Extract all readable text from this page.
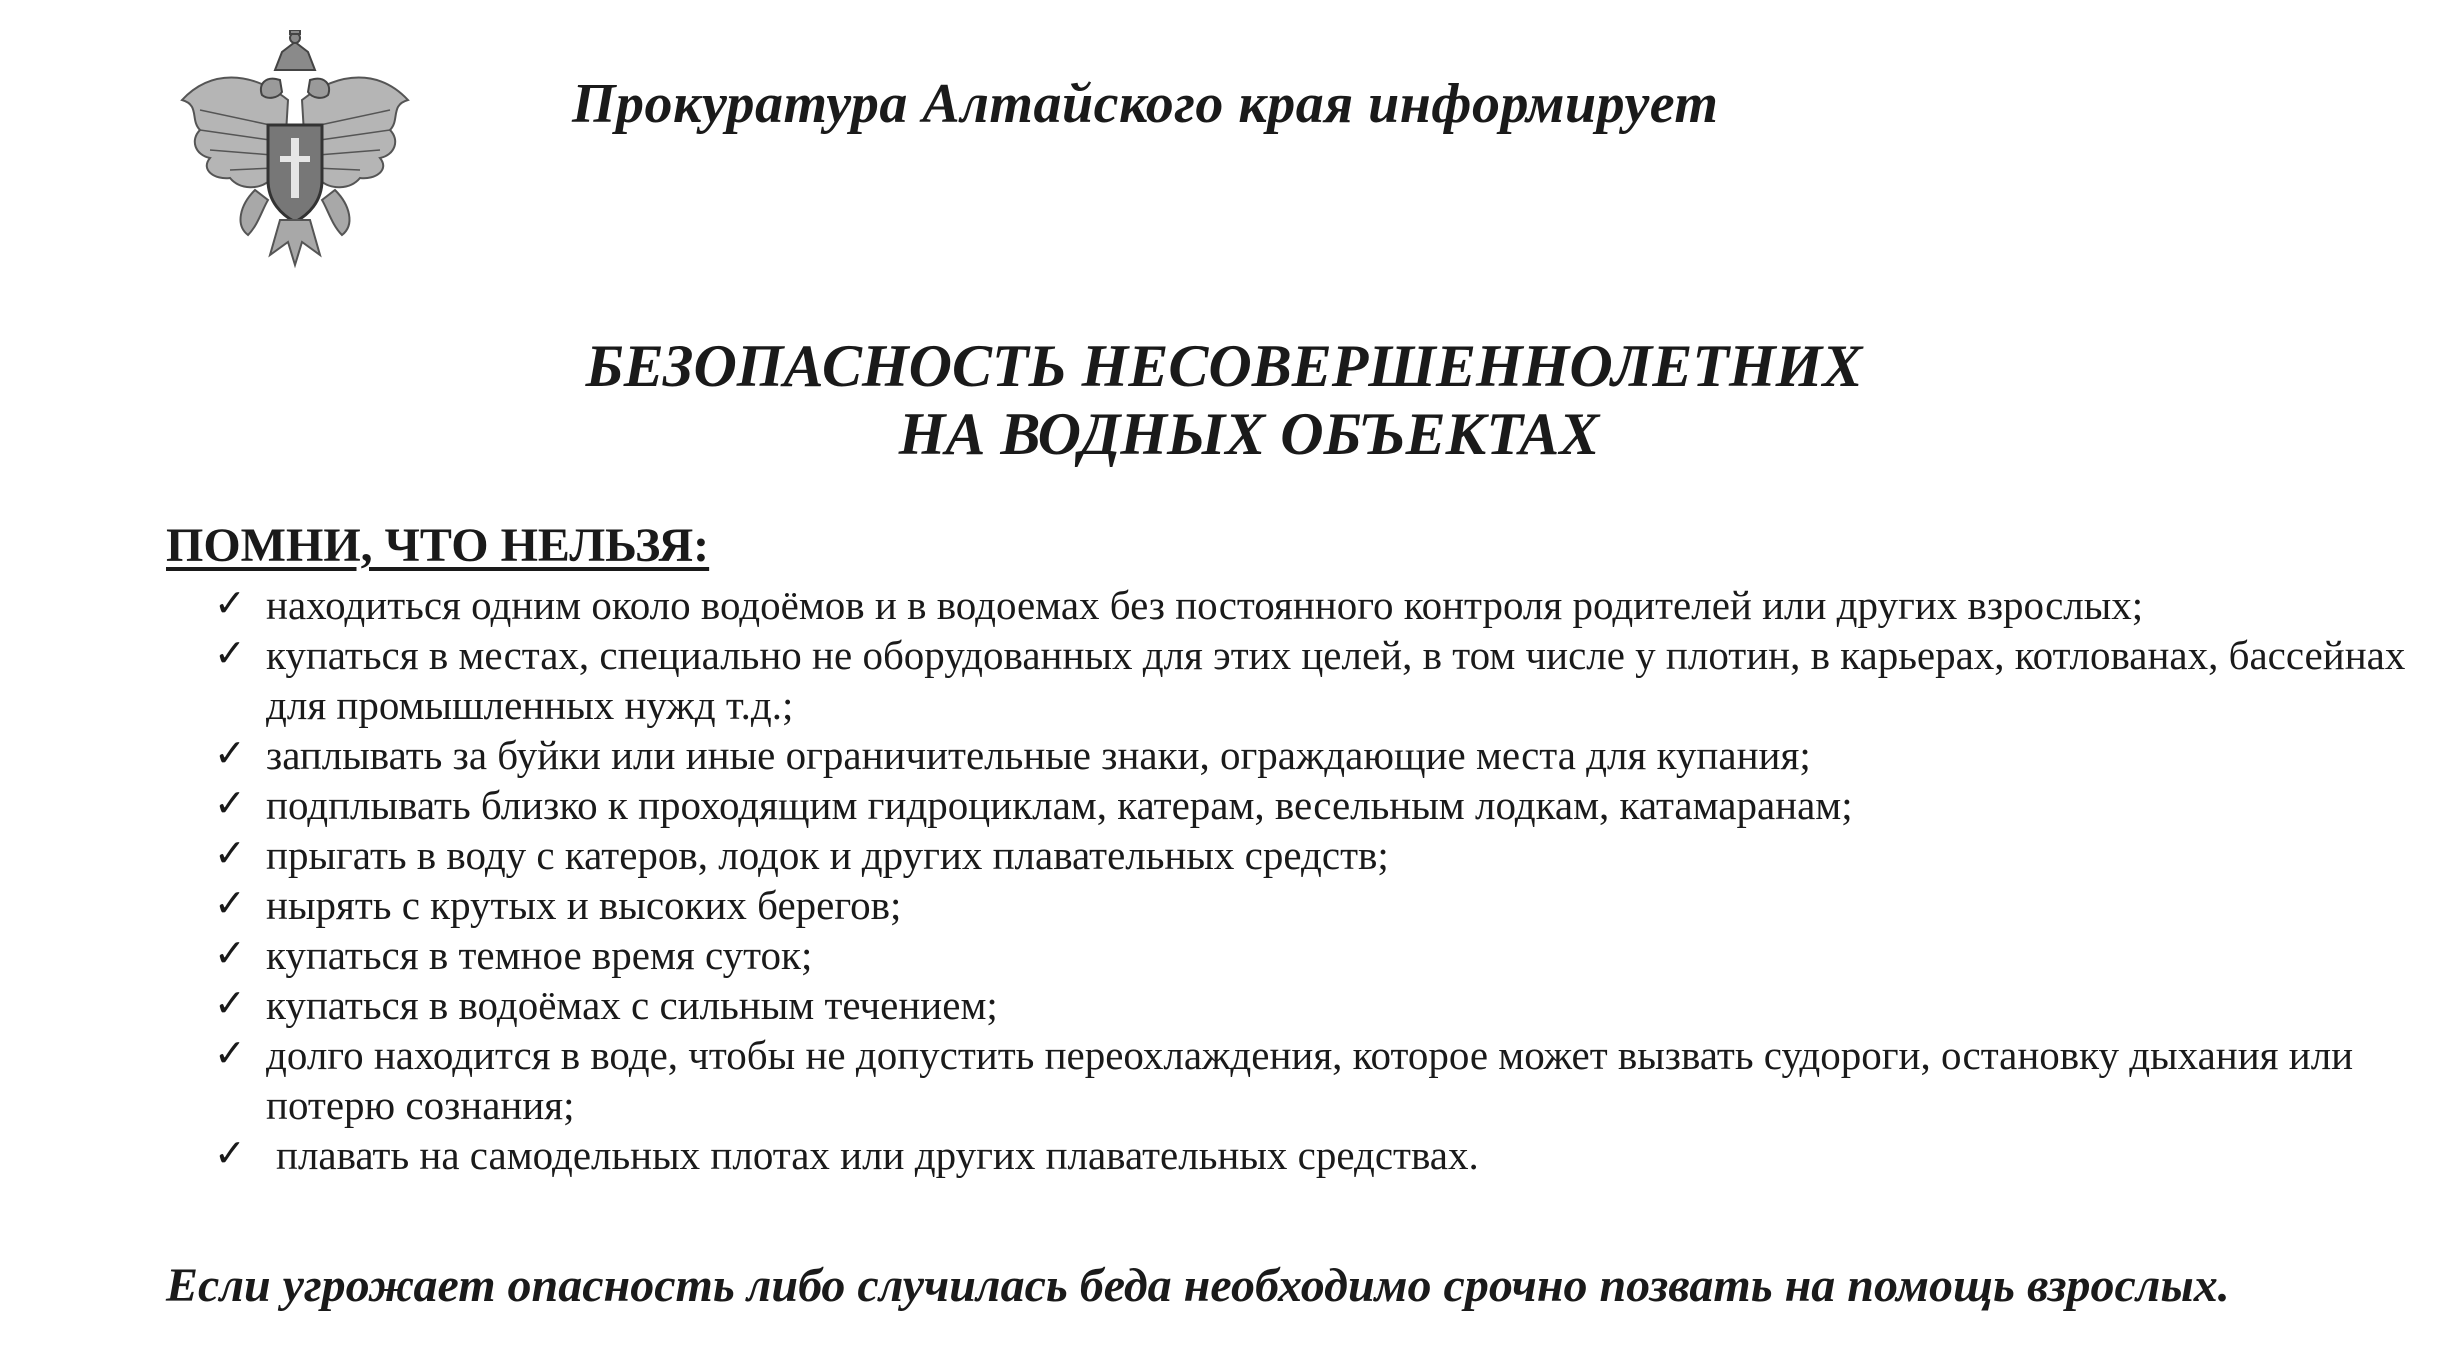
Прокуратура Алтайского края информирует
БЕЗОПАСНОСТЬ НЕСОВЕРШЕННОЛЕТНИХ
НА ВОДНЫХ ОБЪЕКТАХ
ПОМНИ, ЧТО НЕЛЬЗЯ:
✓ находиться одним около водоёмов и в водоемах без постоянного контроля родителей или других взрослых;
✓ купаться в местах, специально не оборудованных для этих целей, в том числе у плотин, в карьерах, котлованах, бассейнах для промышленных нужд т.д.;
✓ заплывать за буйки или иные ограничительные знаки, ограждающие места для купания;
✓ подплывать близко к проходящим гидроциклам, катерам, весельным лодкам, катамаранам;
✓ прыгать в воду с катеров, лодок и других плавательных средств;
✓ нырять с крутых и высоких берегов;
✓ купаться в темное время суток;
✓ купаться в водоёмах с сильным течением;
✓ долго находится в воде, чтобы не допустить переохлаждения, которое может вызвать судороги, остановку дыхания или потерю сознания;
✓ плавать на самодельных плотах или других плавательных средствах.
Если угрожает опасность либо случилась беда необходимо срочно позвать на помощь взрослых.
